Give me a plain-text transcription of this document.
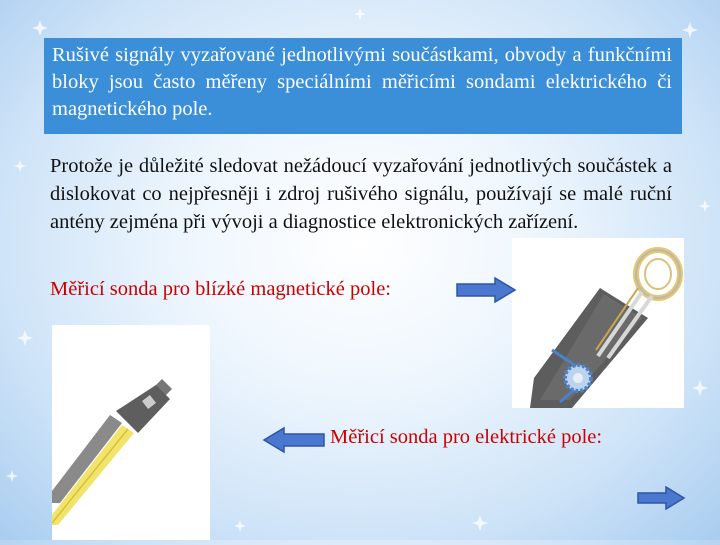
Rušivé signály vyzařované jednotlivými součástkami, obvody a funkčními bloky jsou často měřeny speciálními měřicími sondami elektrického či magnetického pole.
Protože je důležité sledovat nežádoucí vyzařování jednotlivých součástek a dislokovat co nejpřesněji i zdroj rušivého signálu, používají se malé ruční antény zejména při vývoji a diagnostice elektronických zařízení.
Měřicí sonda pro blízké magnetické pole:
Měřicí sonda pro elektrické pole:
